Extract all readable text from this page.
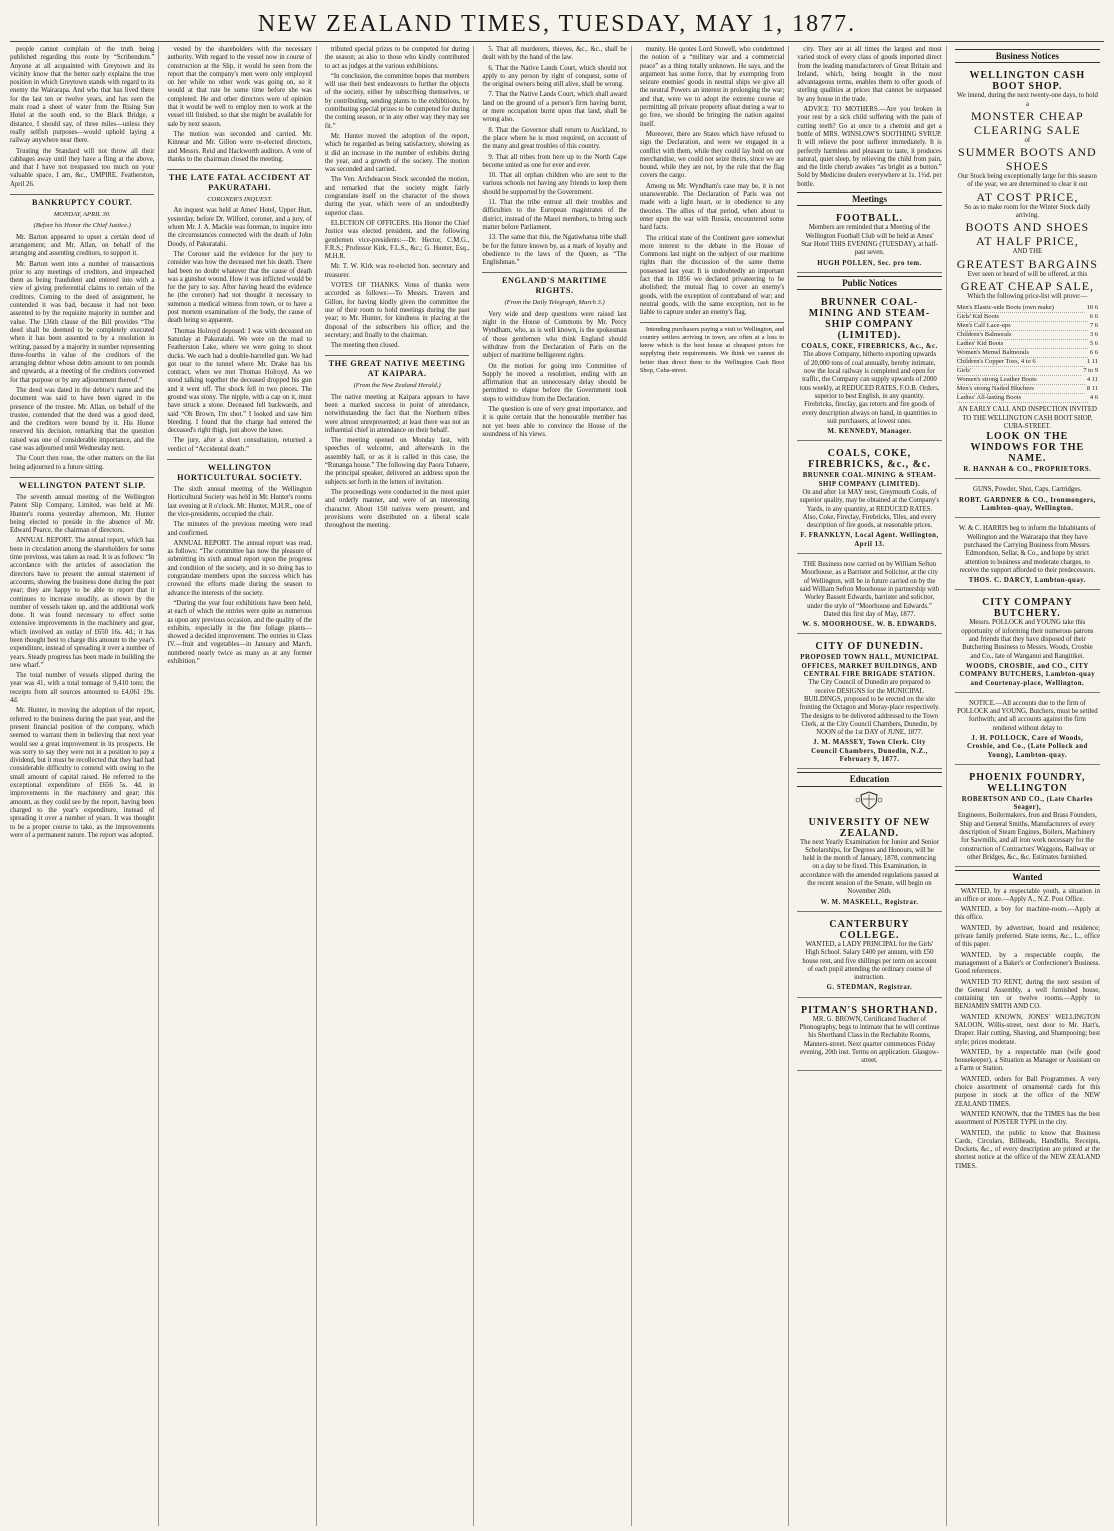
NEW ZEALAND TIMES, TUESDAY, MAY 1, 1877.

people cannot complain of the truth being published regarding this route by “Scribendum.” Anyone at all acquainted with Greytown and its vicinity know that the better early explains the true position in which Greytown stands with regard to its enemy the Wairarapa. And who that has lived there for the last ten or twelve years, and has seen the main road a sheet of water from the Rising Sun Hotel at the south end, to the Black Bridge, a distance, I should say, of three miles—unless they really selfish purposes—would uphold laying a railway anywhere near there.

Trusting the Standard will not throw all their cabbages away until they have a fling at the above, and that I have not trespassed too much on your valuable space, I am, &c., UMPIRE. Featherston, April 26.

BANKRUPTCY COURT.
MONDAY, APRIL 30.
(Before his Honor the Chief Justice.)

Mr. Barton appeared to upset a certain deed of arrangement; and Mr. Allan, on behalf of the arranging and assenting creditors, to support it.

Mr. Barton went into a number of transactions prior to any meetings of creditors, and impeached them as being fraudulent and entered into with a view of giving preferential claims to certain of the creditors. Coming to the deed of assignment, he contended it was bad, because it had not been assented to by the requisite majority in number and value. The 136th clause of the Bill provides “The deed shall be deemed to be completely executed when it has been assented to by a resolution in writing, passed by a majority in number representing three-fourths in value of the creditors of the arranging debtor whose debts amount to ten pounds and upwards, at a meeting of the creditors convened for that purpose or by any adjournment thereof.”

The deed was dated in the debtor's name and the document was said to have been signed in the presence of the trustee. Mr. Allan, on behalf of the trustee, contended that the deed was a good deed, and the creditors were bound by it. His Honor reserved his decision, remarking that the question raised was one of considerable importance, and the case was adjourned until Wednesday next.

The Court then rose, the other matters on the list being adjourned to a future sitting.

WELLINGTON PATENT SLIP.

The seventh annual meeting of the Wellington Patent Slip Company, Limited, was held at Mr. Hunter's rooms yesterday afternoon, Mr. Hunter being elected to preside in the absence of Mr. Edward Pearce, the chairman of directors.

ANNUAL REPORT. The annual report, which has been in circulation among the shareholders for some time previous, was taken as read. It is as follows: “In accordance with the articles of association the directors have to present the annual statement of accounts, showing the business done during the past year; they are happy to be able to report that it continues to increase steadily, as shown by the number of vessels taken up, and the additional work done. It was found necessary to effect some extensive improvements in the machinery and gear, which involved an outlay of £650 16s. 4d.; it has been thought best to charge this amount to the year's expenditure, instead of spreading it over a number of years. Steady progress has been made in building the new wharf.”

The total number of vessels slipped during the year was 41, with a total tonnage of 9,410 tons; the receipts from all sources amounted to £4,061 19s. 4d.

Mr. Hunter, in moving the adoption of the report, referred to the business during the past year, and the present financial position of the company, which seemed to warrant them in believing that next year would see a great improvement in its prospects. He was sorry to say they were not in a position to pay a dividend, but it must be recollected that they had had considerable difficulty to contend with owing to the small amount of capital raised. He referred to the exceptional expenditure of £656 5s. 4d. in improvements in the machinery and gear; this amount, as they could see by the report, having been charged to the year's expenditure, instead of spreading it over a number of years. It was thought to be a proper course to take, as the improvements were of a permanent nature. The report was adopted.

vested by the shareholders with the necessary authority. With regard to the vessel now in course of construction at the Slip, it would be seen from the report that the company's men were only employed on her while no other work was going on, so it would at that rate be some time before she was completed. He and other directors were of opinion that it would be well to employ men to work at the vessel till finished, so that she might be available for sale by next season.

The motion was seconded and carried. Mr. Kinnear and Mr. Gillon were re-elected directors, and Messrs. Reid and Hackworth auditors. A vote of thanks to the chairman closed the meeting.

THE LATE FATAL ACCIDENT AT PAKURATAHI.
CORONER'S INQUEST.

An inquest was held at Ames' Hotel, Upper Hutt, yesterday, before Dr. Wilford, coroner, and a jury, of whom Mr. J. A. Mackie was foreman, to inquire into the circumstances connected with the death of John Doody, of Pakuratahi.

The Coroner said the evidence for the jury to consider was how the deceased met his death. There had been no doubt whatever that the cause of death was a gunshot wound. How it was inflicted would be for the jury to say. After having heard the evidence he (the coroner) had not thought it necessary to summon a medical witness from town, or to have a post mortem examination of the body, the cause of death being so apparent.

Thomas Holroyd deposed: I was with deceased on Saturday at Pakuratahi. We were on the road to Featherston Lake, where we were going to shoot ducks. We each had a double-barrelled gun. We had got near to the tunnel where Mr. Drake has his contract, when we met Thomas Holroyd. As we stood talking together the deceased dropped his gun and it went off. The shock fell in two pieces. The ground was stony. The nipple, with a cap on it, must have struck a stone. Deceased fell backwards, and said “Oh Brown, I'm shot.” I looked and saw him bleeding. I found that the charge had entered the deceased's right thigh, just above the knee.

The jury, after a short consultation, returned a verdict of “Accidental death.”

WELLINGTON HORTICULTURAL SOCIETY.

The sixth annual meeting of the Wellington Horticultural Society was held in Mr. Hunter's rooms last evening at 8 o'clock. Mr. Hunter, M.H.R., one of the vice-presidents, occupied the chair.

The minutes of the previous meeting were read and confirmed.

ANNUAL REPORT. The annual report was read, as follows: “The committee has now the pleasure of submitting its sixth annual report upon the progress and condition of the society, and in so doing has to congratulate members upon the success which has crowned the efforts made during the season to advance the interests of the society.

“During the year four exhibitions have been held, at each of which the entries were quite as numerous as upon any previous occasion, and the quality of the exhibits, especially in the fine foliage plants—showed a decided improvement. The entries in Class IV.—fruit and vegetables—in January and March, numbered nearly twice as many as at any former exhibition.”

tributed special prizes to be competed for during the season; as also to those who kindly contributed to act as judges at the various exhibitions.

“In conclusion, the committee hopes that members will use their best endeavours to further the objects of the society, either by subscribing themselves, or by contributing, sending plants to the exhibitions, by contributing special prizes to be competed for during the coming season, or in any other way they may see fit.”

Mr. Hunter moved the adoption of the report, which he regarded as being satisfactory, showing as it did an increase in the number of exhibits during the year, and a growth of the society. The motion was seconded and carried.

The Ven. Archdeacon Stock seconded the motion, and remarked that the society might fairly congratulate itself on the character of the shows during the year, which were of an undoubtedly superior class.

ELECTION OF OFFICERS. His Honor the Chief Justice was elected president, and the following gentlemen vice-presidents:—Dr. Hector, C.M.G., F.R.S.; Professor Kirk, F.L.S., &c.; G. Hunter, Esq., M.H.R.

Mr. T. W. Kirk was re-elected hon. secretary and treasurer.

VOTES OF THANKS. Votes of thanks were accorded as follows:—To Messrs. Travers and Gillon, for having kindly given the committee the use of their room to hold meetings during the past year; to Mr. Hunter, for kindness in placing at the disposal of the subscribers his office; and the secretary; and finally to the chairman.

The meeting then closed.

THE GREAT NATIVE MEETING AT KAIPARA.
(From the New Zealand Herald.)

The native meeting at Kaipara appears to have been a marked success in point of attendance, notwithstanding the fact that the Northern tribes were almost unrepresented; at least there was not an influential chief in attendance on their behalf.

The meeting opened on Monday last, with speeches of welcome, and afterwards in the assembly hall, or as it is called in this case, the “Runanga house.” The following day Paora Tuhaere, the principal speaker, delivered an address upon the subjects set forth in the letters of invitation.

The proceedings were conducted in the most quiet and orderly manner, and were of an interesting character. About 150 natives were present, and provisions were distributed on a liberal scale throughout the meeting.

5. That all murderers, thieves, &c., &c., shall be dealt with by the hand of the law.

6. That the Native Lands Court, which should not apply to any person by right of conquest, some of the original owners being still alive, shall be wrong.

7. That the Native Lands Court, which shall award land on the ground of a person's firm having burnt, or mere occupation burnt upon that land, shall be wrong also.

8. That the Governor shall return to Auckland, to the place where he is most required, on account of the many and great troubles of this country.

9. That all tribes from here up to the North Cape become united as one for ever and ever.

10. That all orphan children who are sent to the various schools not having any friends to keep them should be supported by the Government.

11. That the tribe entrust all their troubles and difficulties to the European magistrates of the district, instead of the Maori members, to bring such matter before Parliament.

13. The same that this, the Ngatiwhatua tribe shall be for the future known by, as a mark of loyalty and obedience to the laws of the Queen, as “The Englishman.”

ENGLAND'S MARITIME RIGHTS.
(From the Daily Telegraph, March 3.)

Very wide and deep questions were raised last night in the House of Commons by Mr. Percy Wyndham, who, as is well known, is the spokesman of those gentlemen who think England should withdraw from the Declaration of Paris on the subject of maritime belligerent rights.

On the motion for going into Committee of Supply he moved a resolution, ending with an affirmation that an unnecessary delay should be permitted to elapse before the Government took steps to withdraw from the Declaration.

The question is one of very great importance, and it is quite certain that the honourable member has not yet been able to convince the House of the soundness of his views.

munity. He quotes Lord Stowell, who condemned the notion of a “military war and a commercial peace” as a thing totally unknown. He says, and the argument has some force, that by exempting from seizure enemies' goods in neutral ships we give all the neutral Powers an interest in prolonging the war; and that, were we to adopt the extreme course of permitting all private property afloat during a war to go free, we should be bringing the nation against itself.

Moreover, there are States which have refused to sign the Declaration, and were we engaged in a conflict with them, while they could lay hold on our merchandise, we could not seize theirs, since we are bound, while they are not, by the rule that the flag covers the cargo.

Among us Mr. Wyndham's case may be, it is not unanswerable. The Declaration of Paris was not made with a light heart, or in obedience to any theories. The allies of that period, when about to enter upon the war with Russia, encountered some hard facts.

The critical state of the Continent gave somewhat more interest to the debate in the House of Commons last night on the subject of our maritime rights than the discussion of the same theme possessed last year. It is undoubtedly an important fact that in 1856 we declared privateering to be abolished; the mutual flag to cover an enemy's goods, with the exception of contraband of war; and neutral goods, with the same exception, not to be liable to capture under an enemy's flag.

Intending purchasers paying a visit to Wellington, and country settlers arriving in town, are often at a loss to know which is the best house at cheapest prices for supplying their requirements. We think we cannot do better than direct them to the Wellington Cash Boot Shop, Cuba-street.

city. They are at all times the largest and most varied stock of every class of goods imported direct from the leading manufacturers of Great Britain and Ireland, which, being bought in the most advantageous terms, enables them to offer goods of sterling qualities at prices that cannot be surpassed by any house in the trade.

ADVICE TO MOTHERS.—Are you broken in your rest by a sick child suffering with the pain of cutting teeth? Go at once to a chemist and get a bottle of MRS. WINSLOW'S SOOTHING SYRUP. It will relieve the poor sufferer immediately. It is perfectly harmless and pleasant to taste, it produces natural, quiet sleep, by relieving the child from pain, and the little cherub awakes “as bright as a button.” Sold by Medicine dealers everywhere at 1s. 1½d. per bottle.

Meetings
FOOTBALL.
Members are reminded that a Meeting of the Wellington Football Club will be held at Ames' Star Hotel THIS EVENING (TUESDAY), at half-past seven.
HUGH POLLEN, Sec. pro tem.
Public Notices
BRUNNER COAL-MINING AND STEAM-SHIP COMPANY (LIMITED).
COALS, COKE, FIREBRICKS, &c., &c.
The above Company, hitherto exporting upwards of 20,000 tons of coal annually, hereby intimate, now the local railway is completed and open for traffic, the Company can supply upwards of 2000 tons weekly, at REDUCED RATES, F.O.B. Orders, superior to best English, in any quantity. Firebricks, fireclay, gas retorts and fire goods of every description always on hand, in quantities to suit purchasers, at lowest rates.
M. KENNEDY, Manager.
COALS, COKE, FIREBRICKS, &c., &c.
BRUNNER COAL-MINING & STEAM-SHIP COMPANY (LIMITED).
On and after 1st MAY next, Greymouth Coals, of superior quality, may be obtained at the Company's Yards, in any quantity, at REDUCED RATES. Also, Coke, Fireclay, Firebricks, Tiles, and every description of fire goods, at reasonable prices.
F. FRANKLYN, Local Agent. Wellington, April 13.
THE Business now carried on by William Sefton Moorhouse, as a Barrister and Solicitor, at the city of Wellington, will be in future carried on by the said William Sefton Moorhouse in partnership with Worley Bassett Edwards, barrister and solicitor, under the style of “Moorhouse and Edwards.” Dated this first day of May, 1877.
W. S. MOORHOUSE. W. B. EDWARDS.
CITY OF DUNEDIN.
PROPOSED TOWN HALL, MUNICIPAL OFFICES, MARKET BUILDINGS, AND CENTRAL FIRE BRIGADE STATION.
The City Council of Dunedin are prepared to receive DESIGNS for the MUNICIPAL BUILDINGS, proposed to be erected on the site fronting the Octagon and Moray-place respectively. The designs to be delivered addressed to the Town Clerk, at the City Council Chambers, Dunedin, by NOON of the 1st DAY of JUNE, 1877.
J. M. MASSEY, Town Clerk. City Council Chambers, Dunedin, N.Z., February 9, 1877.
Education
UNIVERSITY OF NEW ZEALAND.
The next Yearly Examination for Junior and Senior Scholarships, for Degrees and Honours, will be held in the month of January, 1878, commencing on a day to be fixed. This Examination, in accordance with the amended regulations passed at the recent session of the Senate, will begin on November 26th.
W. M. MASKELL, Registrar.
CANTERBURY COLLEGE.
WANTED, a LADY PRINCIPAL for the Girls' High School. Salary £400 per annum, with £50 house rent, and five shillings per term on account of each pupil attending the ordinary course of instruction.
G. STEDMAN, Registrar.
PITMAN'S SHORTHAND.
MR. G. BROWN, Certificated Teacher of Phonography, begs to intimate that he will continue his Shorthand Class in the Rechabite Rooms, Manners-street. Next quarter commences Friday evening, 20th inst. Terms on application. Glasgow-street.
Business Notices
WELLINGTON CASH BOOT SHOP.
We intend, during the next twenty-one days, to hold a
MONSTER CHEAP CLEARING SALE
of
SUMMER BOOTS AND SHOES
Our Stock being exceptionally large for this season of the year, we are determined to clear it out
AT COST PRICE,
So as to make room for the Winter Stock daily arriving.
BOOTS AND SHOES AT HALF PRICE,
AND THE
GREATEST BARGAINS
Ever seen or heard of will be offered, at this
GREAT CHEAP SALE,
Which the following price-list will prove:—
Men's Elastic-side Boots (own make)	10 6
Girls' Kid Boots	6 6
Men's Calf Lace-ups	7 6
Children's Balmorals	3 6
Ladies' Kid Boots	5 6
Women's Memel Balmorals	6 6
Children's Copper Toes, 4 to 6	1 11
Girls'	7 to 9
Women's strong Leather Boots	4 11
Men's strong Nailed Bluchers	8 11
Ladies' All-lasting Boots	4 6
AN EARLY CALL AND INSPECTION INVITED TO THE WELLINGTON CASH BOOT SHOP, CUBA-STREET.
LOOK ON THE WINDOWS FOR THE NAME.
R. HANNAH & CO., PROPRIETORS.
GUNS, Powder, Shot, Caps, Cartridges.
ROBT. GARDNER & CO., Ironmongers, Lambton-quay, Wellington.
W. & C. HARRIS beg to inform the Inhabitants of Wellington and the Wairarapa that they have purchased the Carrying Business from Messrs. Edmondson, Sellar, & Co., and hope by strict attention to business and moderate charges, to receive the support afforded to their predecessors.
THOS. C. DARCY, Lambton-quay.
CITY COMPANY BUTCHERY.
Messrs. POLLOCK and YOUNG take this opportunity of informing their numerous patrons and friends that they have disposed of their Butchering Business to Messrs. Woods, Crosbie and Co., late of Wanganui and Rangitikei.
WOODS, CROSBIE, and CO., CITY COMPANY BUTCHERS, Lambton-quay and Courtenay-place, Wellington.
NOTICE.—All accounts due to the firm of POLLOCK and YOUNG, Butchers, must be settled forthwith; and all accounts against the firm rendered without delay to
J. H. POLLOCK, Care of Woods, Crosbie, and Co., (Late Pollock and Young), Lambton-quay.
PHOENIX FOUNDRY, WELLINGTON
ROBERTSON AND CO., (Late Charles Seager),
Engineers, Boilermakers, Iron and Brass Founders, Ship and General Smiths, Manufacturers of every description of Steam Engines, Boilers, Machinery for Sawmills, and all iron work necessary for the construction of Contractors' Waggons, Railway or other Bridges, &c., &c. Estimates furnished.
Wanted

WANTED, by a respectable youth, a situation in an office or store.—Apply A., N.Z. Post Office.

WANTED, a boy for machine-room.—Apply at this office.

WANTED, by advertiser, board and residence; private family preferred. State terms, &c., L., office of this paper.

WANTED, by a respectable couple, the management of a Baker's or Confectioner's Business. Good references.

WANTED TO RENT, during the next session of the General Assembly, a well furnished house, containing ten or twelve rooms.—Apply to BENJAMIN SMITH AND CO.

WANTED KNOWN, JONES' WELLINGTON SALOON, Willis-street, next door to Mr. Hart's, Draper. Hair cutting, Shaving, and Shampooing; best style; prices moderate.

WANTED, by a respectable man (wife good housekeeper), a Situation as Manager or Assistant on a Farm or Station.

WANTED, orders for Ball Programmes. A very choice assortment of ornamental cards for this purpose in stock at the office of the NEW ZEALAND TIMES.

WANTED KNOWN, that the TIMES has the best assortment of POSTER TYPE in the city.

WANTED, the public to know that Business Cards, Circulars, Billheads, Handbills, Receipts, Dockets, &c., of every description are printed at the shortest notice at the office of the NEW ZEALAND TIMES.
